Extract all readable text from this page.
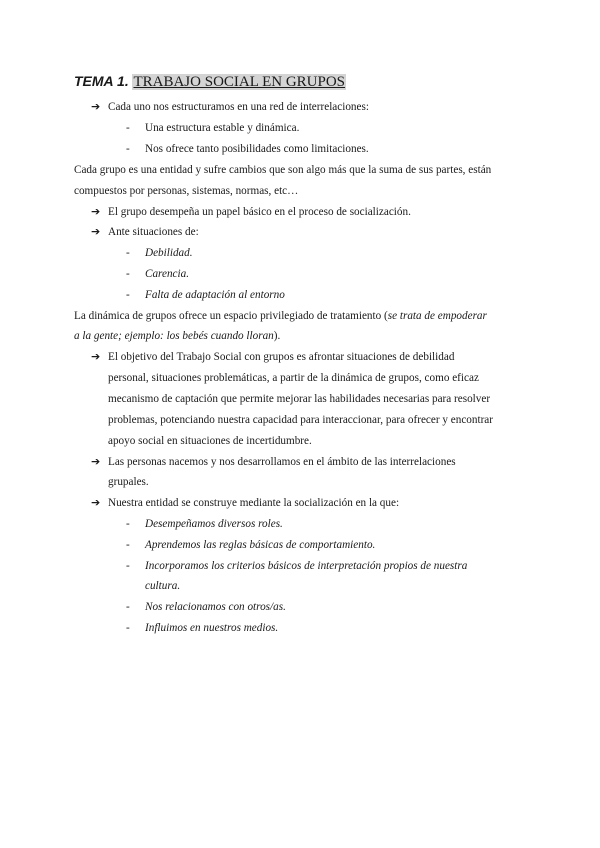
TEMA 1. TRABAJO SOCIAL EN GRUPOS
➔ Cada uno nos estructuramos en una red de interrelaciones:
- Una estructura estable y dinámica.
- Nos ofrece tanto posibilidades como limitaciones.
Cada grupo es una entidad y sufre cambios que son algo más que la suma de sus partes, están
compuestos por personas, sistemas, normas, etc…
➔ El grupo desempeña un papel básico en el proceso de socialización.
➔ Ante situaciones de:
- Debilidad.
- Carencia.
- Falta de adaptación al entorno
La dinámica de grupos ofrece un espacio privilegiado de tratamiento (se trata de empoderar
a la gente; ejemplo: los bebés cuando lloran).
➔ El objetivo del Trabajo Social con grupos es afrontar situaciones de debilidad
personal, situaciones problemáticas, a partir de la dinámica de grupos, como eficaz
mecanismo de captación que permite mejorar las habilidades necesarias para resolver
problemas, potenciando nuestra capacidad para interaccionar, para ofrecer y encontrar
apoyo social en situaciones de incertidumbre.
➔ Las personas nacemos y nos desarrollamos en el ámbito de las interrelaciones
grupales.
➔ Nuestra entidad se construye mediante la socialización en la que:
- Desempeñamos diversos roles.
- Aprendemos las reglas básicas de comportamiento.
- Incorporamos los criterios básicos de interpretación propios de nuestra
cultura.
- Nos relacionamos con otros/as.
- Influimos en nuestros medios.
